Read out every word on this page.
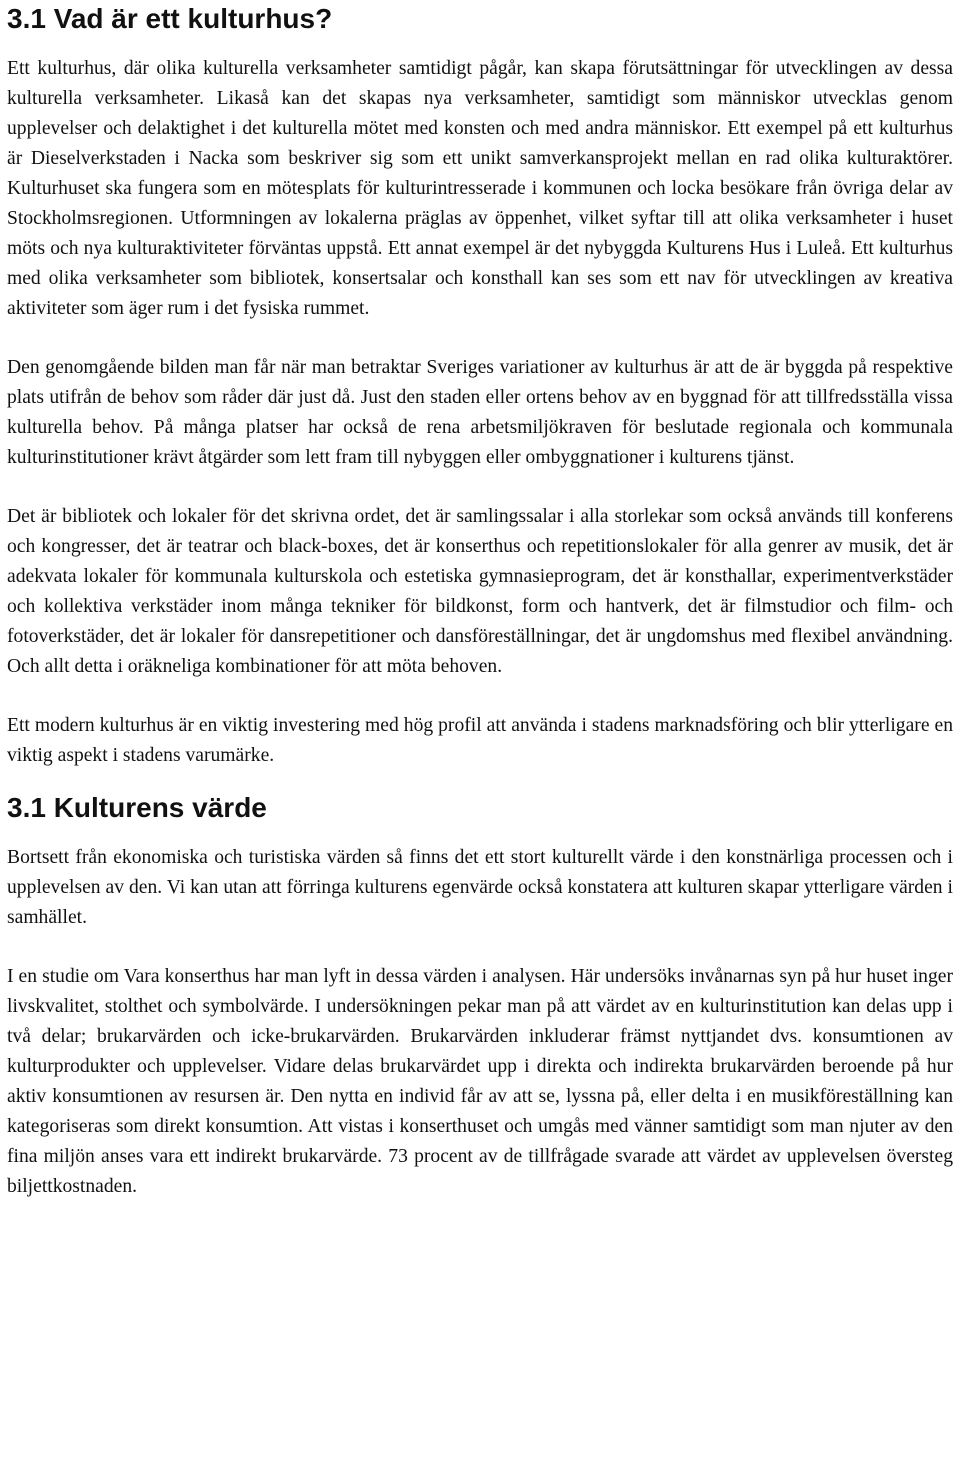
3.1 Vad är ett kulturhus?

Ett kulturhus, där olika kulturella verksamheter samtidigt pågår, kan skapa förutsättningar för utvecklingen av dessa kulturella verksamheter. Likaså kan det skapas nya verksamheter, samtidigt som människor utvecklas genom upplevelser och delaktighet i det kulturella mötet med konsten och med andra människor. Ett exempel på ett kulturhus är Dieselverkstaden i Nacka som beskriver sig som ett unikt samverkansprojekt mellan en rad olika kulturaktörer. Kulturhuset ska fungera som en mötesplats för kulturintresserade i kommunen och locka besökare från övriga delar av Stockholmsregionen. Utformningen av lokalerna präglas av öppenhet, vilket syftar till att olika verksamheter i huset möts och nya kulturaktiviteter förväntas uppstå. Ett annat exempel är det nybyggda Kulturens Hus i Luleå. Ett kulturhus med olika verksamheter som bibliotek, konsertsalar och konsthall kan ses som ett nav för utvecklingen av kreativa aktiviteter som äger rum i det fysiska rummet.

Den genomgående bilden man får när man betraktar Sveriges variationer av kulturhus är att de är byggda på respektive plats utifrån de behov som råder där just då. Just den staden eller ortens behov av en byggnad för att tillfredsställa vissa kulturella behov. På många platser har också de rena arbetsmiljökraven för beslutade regionala och kommunala kulturinstitutioner krävt åtgärder som lett fram till nybyggen eller ombyggnationer i kulturens tjänst.

Det är bibliotek och lokaler för det skrivna ordet, det är samlingssalar i alla storlekar som också används till konferens och kongresser, det är teatrar och black-boxes, det är konserthus och repetitionslokaler för alla genrer av musik, det är adekvata lokaler för kommunala kulturskola och estetiska gymnasieprogram, det är konsthallar, experimentverkstäder och kollektiva verkstäder inom många tekniker för bildkonst, form och hantverk, det är filmstudior och film- och fotoverkstäder, det är lokaler för dansrepetitioner och dansföreställningar, det är ungdomshus med flexibel användning. Och allt detta i oräkneliga kombinationer för att möta behoven.

Ett modern kulturhus är en viktig investering med hög profil att använda i stadens marknadsföring och blir ytterligare en viktig aspekt i stadens varumärke.

3.1 Kulturens värde

Bortsett från ekonomiska och turistiska värden så finns det ett stort kulturellt värde i den konstnärliga processen och i upplevelsen av den. Vi kan utan att förringa kulturens egenvärde också konstatera att kulturen skapar ytterligare värden i samhället.

I en studie om Vara konserthus har man lyft in dessa värden i analysen. Här undersöks invånarnas syn på hur huset inger livskvalitet, stolthet och symbolvärde. I undersökningen pekar man på att värdet av en kulturinstitution kan delas upp i två delar; brukarvärden och icke-brukarvärden. Brukarvärden inkluderar främst nyttjandet dvs. konsumtionen av kulturprodukter och upplevelser. Vidare delas brukarvärdet upp i direkta och indirekta brukarvärden beroende på hur aktiv konsumtionen av resursen är. Den nytta en individ får av att se, lyssna på, eller delta i en musikföreställning kan kategoriseras som direkt konsumtion. Att vistas i konserthuset och umgås med vänner samtidigt som man njuter av den fina miljön anses vara ett indirekt brukarvärde. 73 procent av de tillfrågade svarade att värdet av upplevelsen översteg biljettkostnaden.
